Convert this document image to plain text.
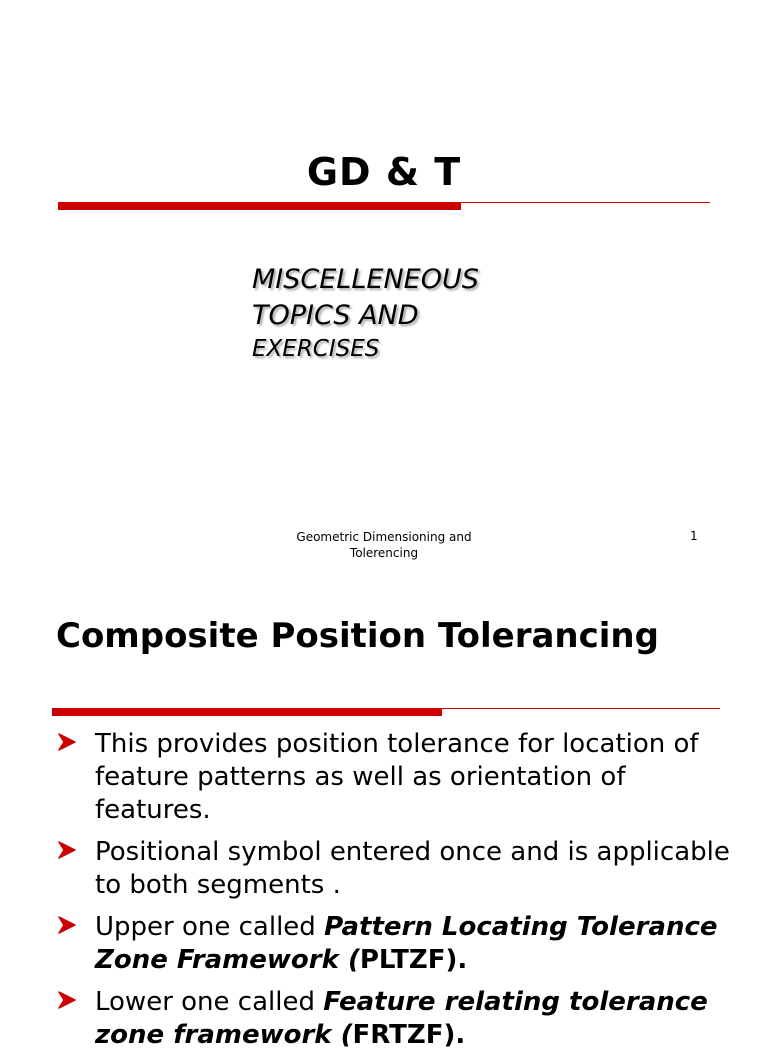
GD & T
MISCELLENEOUS
TOPICS AND
EXERCISES
Geometric Dimensioning and
Tolerencing
1
Composite Position Tolerancing
This provides position tolerance for location of feature patterns as well as orientation of features.
Positional symbol entered once and is applicable to both segments .
Upper one called Pattern Locating Tolerance Zone Framework (PLTZF).
Lower one called Feature relating tolerance zone framework (FRTZF).
